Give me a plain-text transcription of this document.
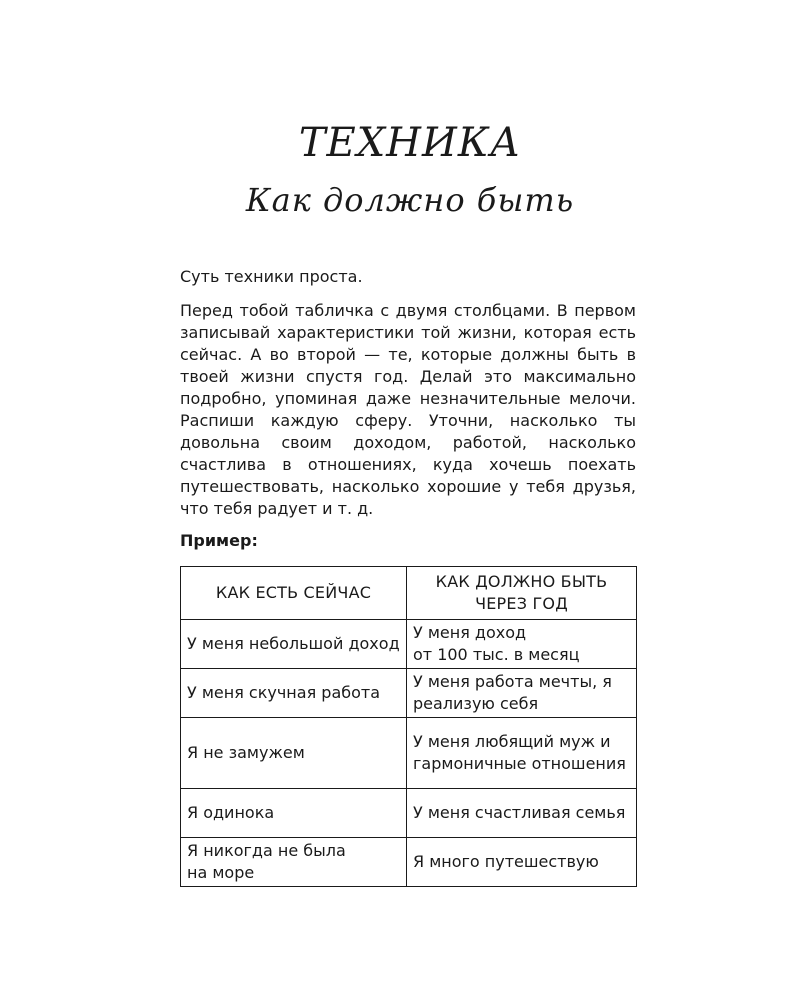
ТЕХНИКА
Как должно быть

Суть техники проста.

Перед тобой табличка с двумя столбцами. В первом записывай характеристики той жизни, которая есть сейчас. А во второй — те, которые должны быть в твоей жизни спустя год. Делай это максимально подробно, упоминая даже незначительные мелочи. Распиши каждую сферу. Уточни, насколько ты довольна своим доходом, работой, насколько счастлива в отношениях, куда хочешь поехать путешествовать, насколько хорошие у тебя друзья, что тебя радует и т. д.

Пример:

КАК ЕСТЬ СЕЙЧАС	КАК ДОЛЖНО БЫТЬ ЧЕРЕЗ ГОД
У меня небольшой доход	У меня доход
от 100 тыс. в месяц
У меня скучная работа	У меня работа мечты, я реализую себя
Я не замужем	У меня любящий муж и гармоничные отношения
Я одинока	У меня счастливая семья
Я никогда не была
на море	Я много путешествую
